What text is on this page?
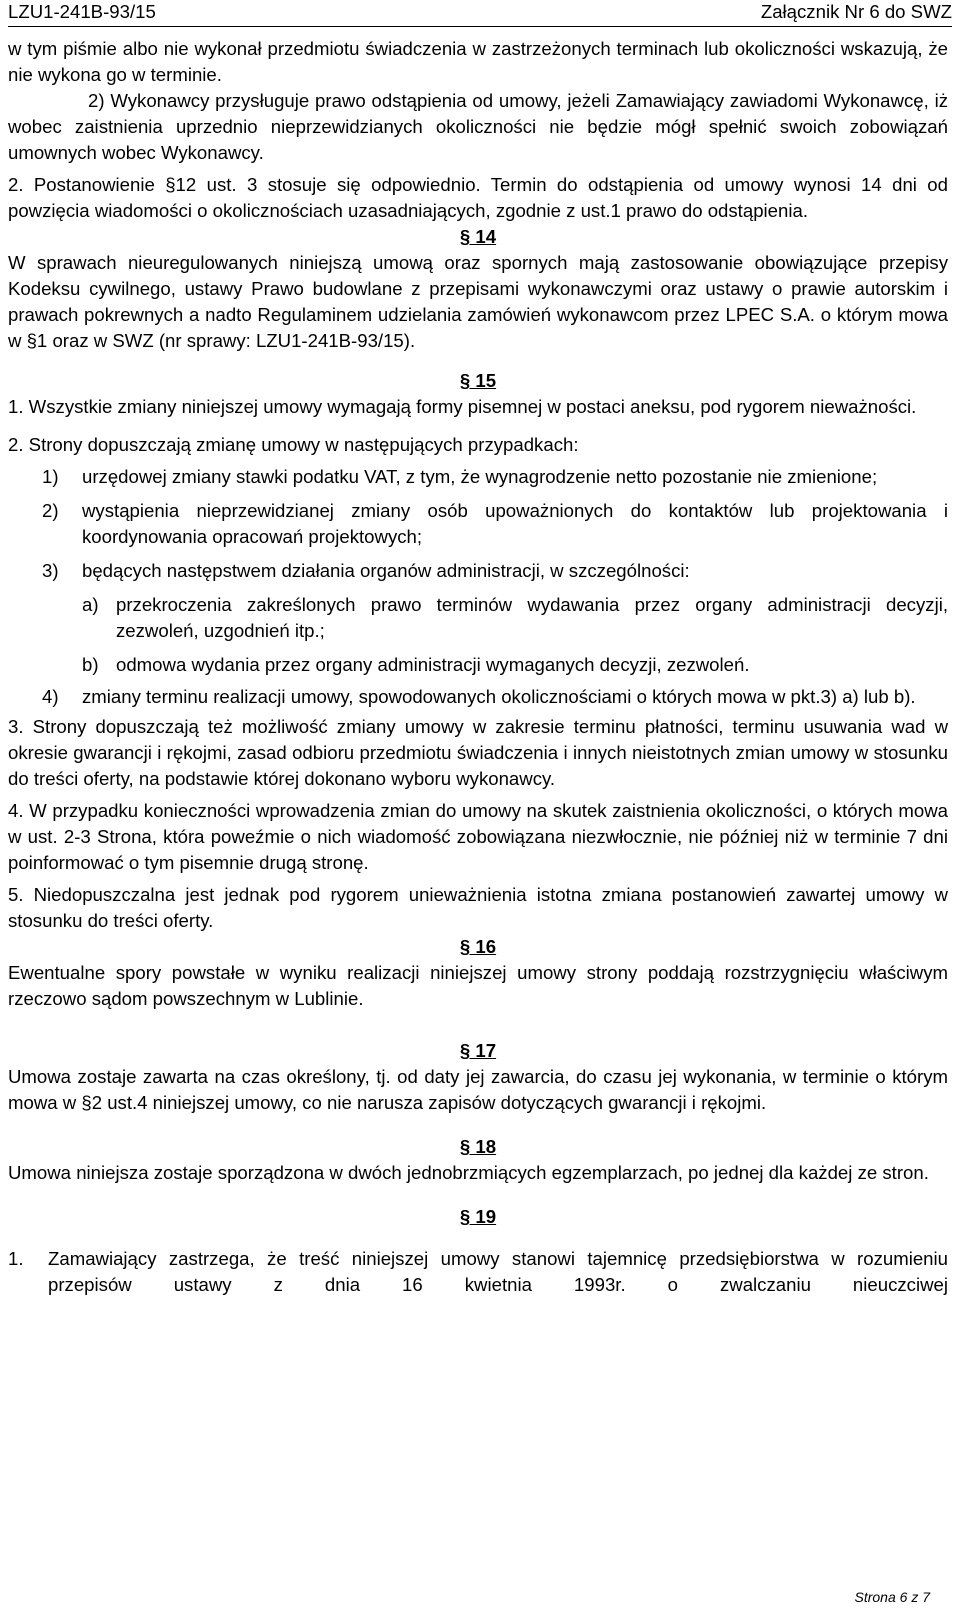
LZU1-241B-93/15	Załącznik Nr 6 do SWZ

w tym piśmie albo nie wykonał przedmiotu świadczenia w zastrzeżonych terminach lub okoliczności wskazują, że nie wykona go w terminie.

2) Wykonawcy przysługuje prawo odstąpienia od umowy, jeżeli Zamawiający zawiadomi Wykonawcę, iż wobec zaistnienia uprzednio nieprzewidzianych okoliczności nie będzie mógł spełnić swoich zobowiązań umownych wobec Wykonawcy.

2. Postanowienie §12 ust. 3 stosuje się odpowiednio. Termin do odstąpienia od umowy wynosi 14 dni od powzięcia wiadomości o okolicznościach uzasadniających, zgodnie z ust.1 prawo do odstąpienia.

§ 14

W sprawach nieuregulowanych niniejszą umową oraz spornych mają zastosowanie obowiązujące przepisy Kodeksu cywilnego, ustawy Prawo budowlane z przepisami wykonawczymi oraz ustawy o prawie autorskim i prawach pokrewnych a nadto Regulaminem udzielania zamówień wykonawcom przez LPEC S.A. o którym mowa w §1 oraz w SWZ (nr sprawy: LZU1-241B-93/15).

§ 15

1. Wszystkie zmiany niniejszej umowy wymagają formy pisemnej w postaci aneksu, pod rygorem nieważności.

2. Strony dopuszczają zmianę umowy w następujących przypadkach:

1)	urzędowej zmiany stawki podatku VAT, z tym, że wynagrodzenie netto pozostanie nie zmienione;

2)	wystąpienia nieprzewidzianej zmiany osób upoważnionych do kontaktów lub projektowania i koordynowania opracowań projektowych;

3)	będących następstwem działania organów administracji, w szczególności:

a) przekroczenia zakreślonych prawo terminów wydawania przez organy administracji decyzji, zezwoleń, uzgodnień itp.;

b) odmowa wydania przez organy administracji wymaganych decyzji, zezwoleń.

4)	zmiany terminu realizacji umowy, spowodowanych okolicznościami o których mowa w pkt.3) a) lub b).

3. Strony dopuszczają też możliwość zmiany umowy w zakresie terminu płatności, terminu usuwania wad w okresie gwarancji i rękojmi, zasad odbioru przedmiotu świadczenia i innych nieistotnych zmian umowy w stosunku do treści oferty, na podstawie której dokonano wyboru wykonawcy.

4. W przypadku konieczności wprowadzenia zmian do umowy na skutek zaistnienia okoliczności, o których mowa w ust. 2-3 Strona, która poweźmie o nich wiadomość zobowiązana niezwłocznie, nie później niż w terminie 7 dni poinformować o tym pisemnie drugą stronę.

5. Niedopuszczalna jest jednak pod rygorem unieważnienia istotna zmiana postanowień zawartej umowy w stosunku do treści oferty.

§ 16

Ewentualne spory powstałe w wyniku realizacji niniejszej umowy strony poddają rozstrzygnięciu właściwym rzeczowo sądom powszechnym w Lublinie.

§ 17

Umowa zostaje zawarta na czas określony, tj. od daty jej zawarcia, do czasu jej wykonania, w terminie o którym mowa w §2 ust.4 niniejszej umowy, co nie narusza zapisów dotyczących gwarancji i rękojmi.

§ 18

Umowa niniejsza zostaje sporządzona w dwóch jednobrzmiących egzemplarzach, po jednej dla każdej ze stron.

§ 19

1.	Zamawiający zastrzega, że treść niniejszej umowy stanowi tajemnicę przedsiębiorstwa w rozumieniu przepisów ustawy z dnia 16 kwietnia 1993r. o zwalczaniu nieuczciwej

Strona 6 z 7
